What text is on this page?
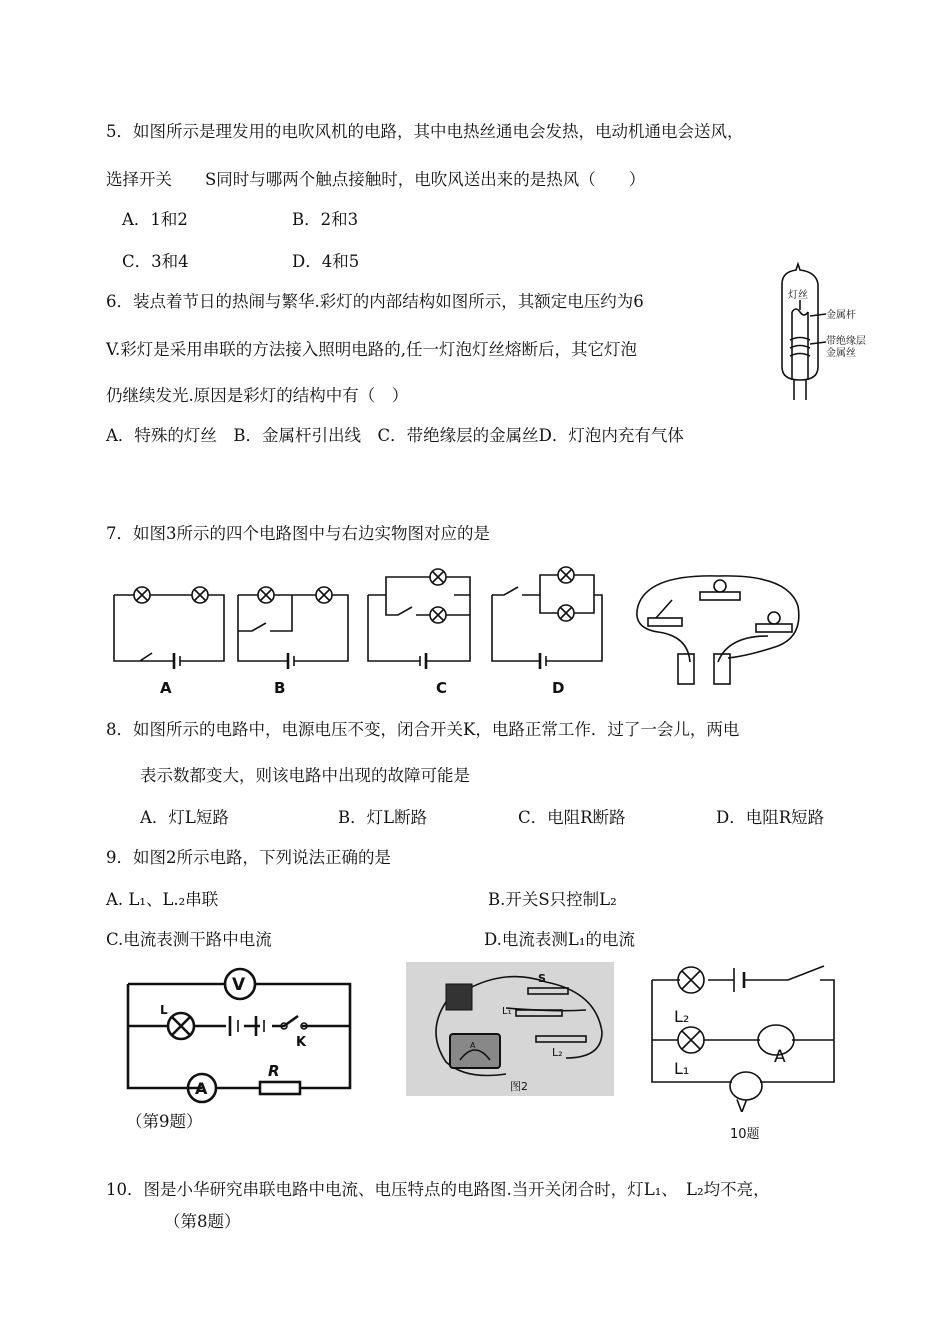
5．如图所示是理发用的电吹风机的电路，其中电热丝通电会发热，电动机通电会送风，
选择开关　　S同时与哪两个触点接触时，电吹风送出来的是热风（　　）
A．1和2	B．2和3
C．3和4	D．4和5
6．装点着节日的热闹与繁华.彩灯的内部结构如图所示，其额定电压约为6
V.彩灯是采用串联的方法接入照明电路的,任一灯泡灯丝熔断后，其它灯泡
仍继续发光.原因是彩灯的结构中有（　）
A．特殊的灯丝　B．金属杆引出线　C．带绝缘层的金属丝D．灯泡内充有气体
灯丝
金属杆
带绝缘层
金属丝
7．如图3所示的四个电路图中与右边实物图对应的是
A	B	C	D
8．如图所示的电路中，电源电压不变，闭合开关K，电路正常工作．过了一会儿，两电
表示数都变大，则该电路中出现的故障可能是
A．灯L短路	B．灯L断路	C．电阻R断路	D．电阻R短路
9．如图2所示电路，下列说法正确的是
A. L₁、L.₂串联	B.开关S只控制L₂
C.电流表测干路中电流	D.电流表测L₁的电流
V
L
K
A
R
（第9题）
S
L₁
L₂
A
图2
L₂
L₁
A
V
10题
10．图是小华研究串联电路中电流、电压特点的电路图.当开关闭合时，灯L₁、　L₂均不亮，
（第8题）
